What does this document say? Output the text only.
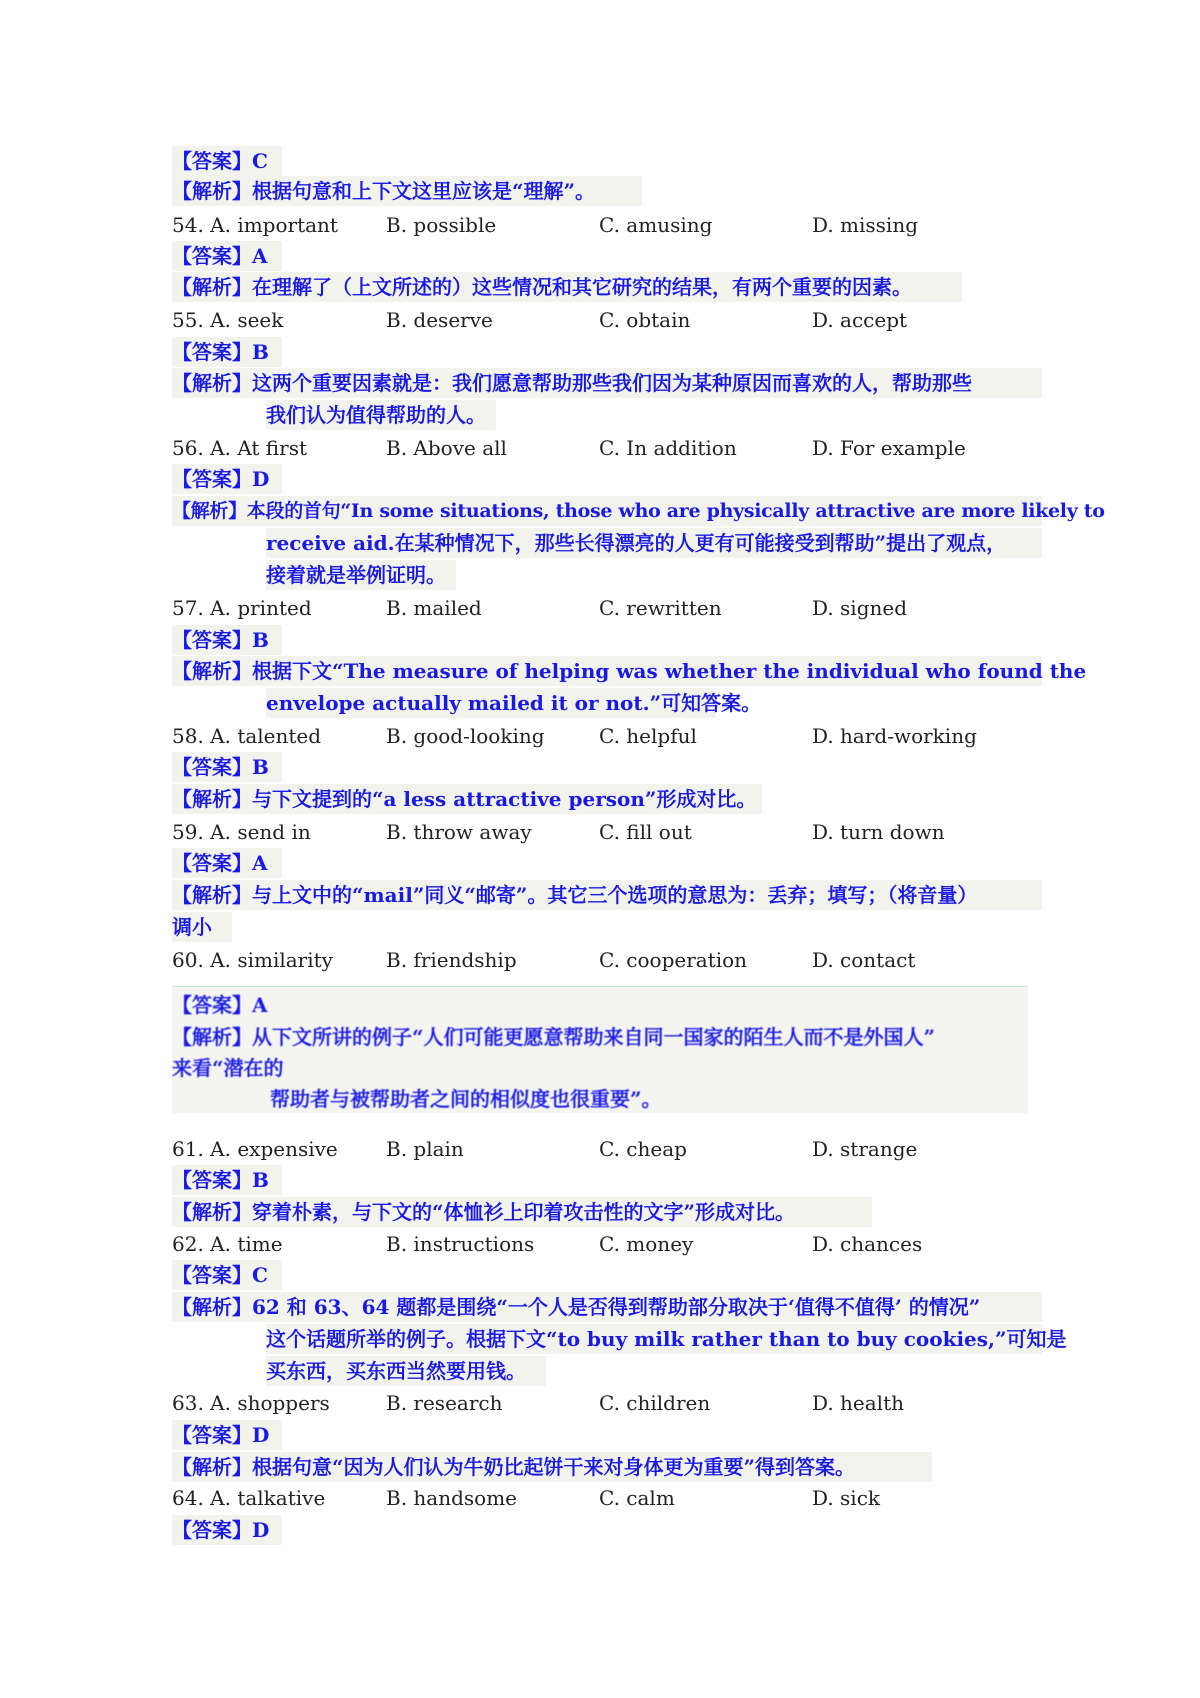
【答案】C
【解析】根据句意和上下文这里应该是“理解”。
54. A. important B. possible	C. amusing	D. missing
【答案】A
【解析】在理解了（上文所述的）这些情况和其它研究的结果，有两个重要的因素。
55. A. seek	B. deserve	C. obtain	D. accept
【答案】B
【解析】这两个重要因素就是：我们愿意帮助那些我们因为某种原因而喜欢的人，帮助那些
我们认为值得帮助的人。
56. A. At first	B. Above all	C. In addition	D. For example
【答案】D
【解析】本段的首句“In some situations, those who are physically attractive are more likely to
receive aid.在某种情况下，那些长得漂亮的人更有可能接受到帮助”提出了观点，
接着就是举例证明。
57. A. printed	B. mailed	C. rewritten	D. signed
【答案】B
【解析】根据下文“The measure of helping was whether the individual who found the
envelope actually mailed it or not.”可知答案。
58. A. talented	B. good-looking	C. helpful	D. hard-working
【答案】B
【解析】与下文提到的“a less attractive person”形成对比。
59. A. send in	B. throw away	C. fill out	D. turn down
【答案】A
【解析】与上文中的“mail”同义“邮寄”。其它三个选项的意思为：丢弃；填写；（将音量）
调小
60. A. similarity	B. friendship	C. cooperation	D. contact
【答案】A
【解析】从下文所讲的例子“人们可能更愿意帮助来自同一国家的陌生人而不是外国人”
来看“潜在的
帮助者与被帮助者之间的相似度也很重要”。
61. A. expensive B. plain	C. cheap	D. strange
【答案】B
【解析】穿着朴素，与下文的“体恤衫上印着攻击性的文字”形成对比。
62. A. time	B. instructions	C. money	D. chances
【答案】C
【解析】62 和 63、64 题都是围绕“一个人是否得到帮助部分取决于‘值得不值得’ 的情况”
这个话题所举的例子。根据下文“to buy milk rather than to buy cookies,”可知是
买东西，买东西当然要用钱。
63. A. shoppers	B. research	C. children	D. health
【答案】D
【解析】根据句意“因为人们认为牛奶比起饼干来对身体更为重要”得到答案。
64. A. talkative	B. handsome	C. calm	D. sick
【答案】D
